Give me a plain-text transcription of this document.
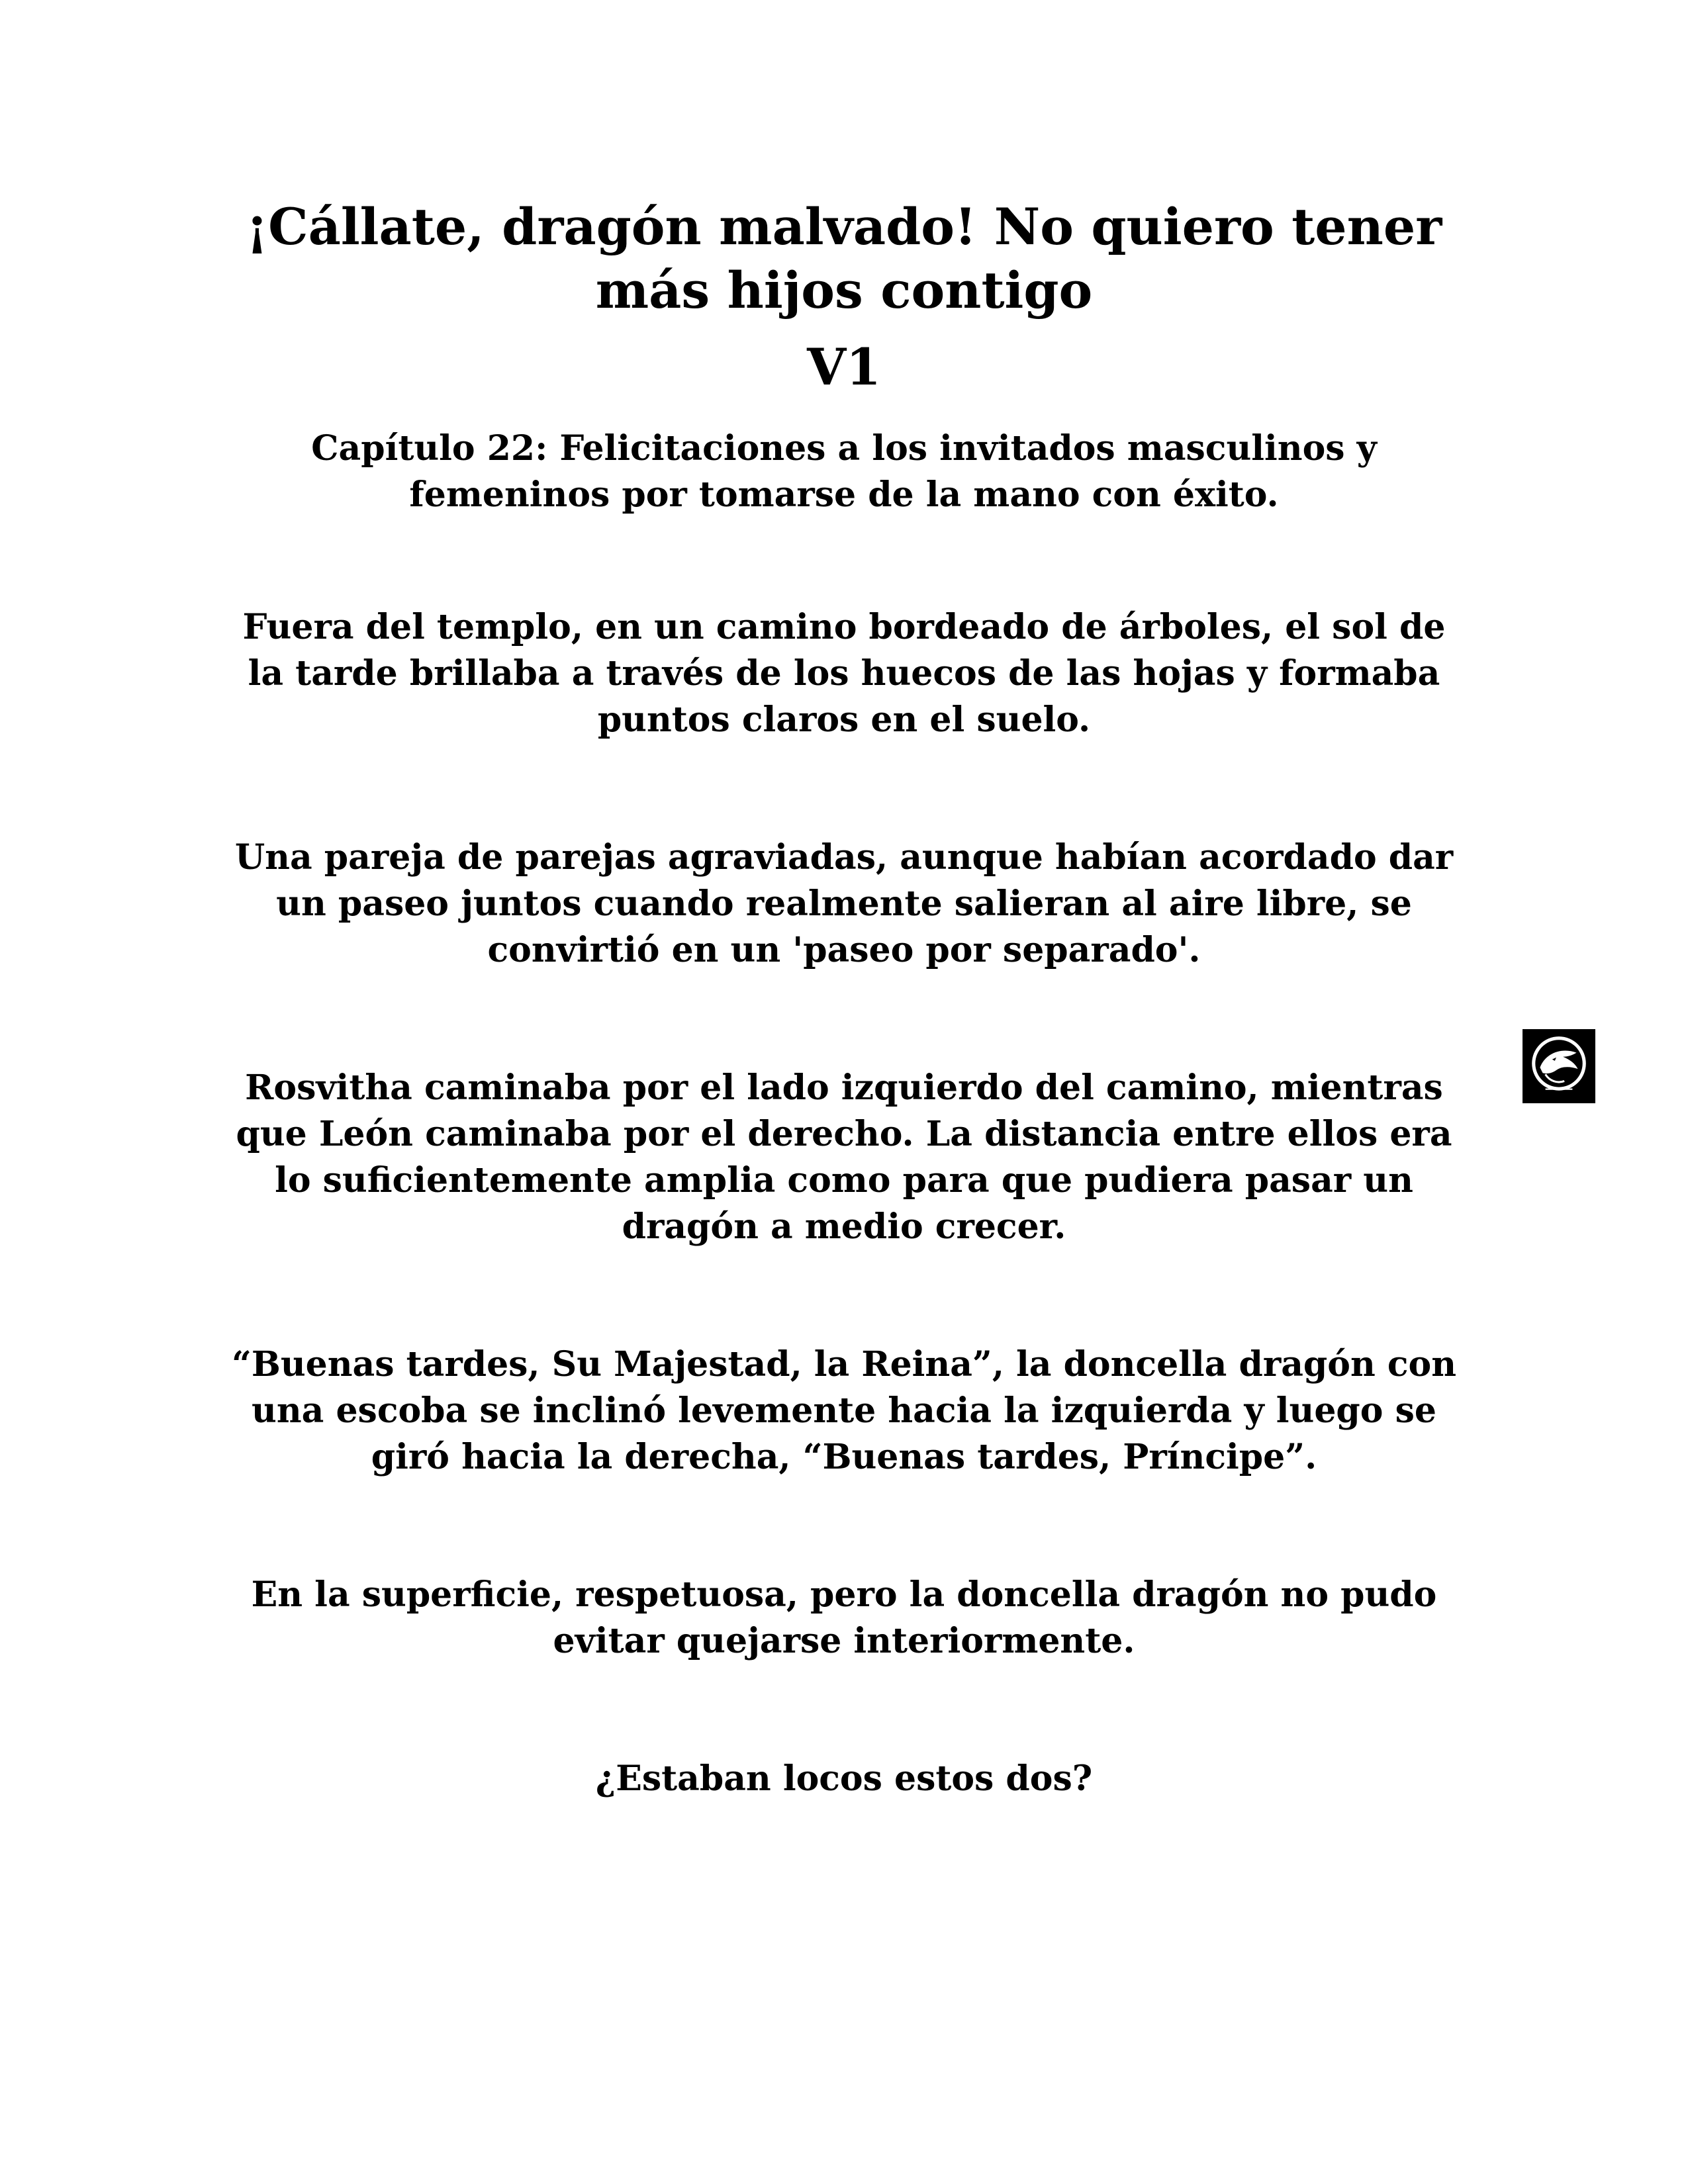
¡Cállate, dragón malvado! No quiero tener más hijos contigo
V1
Capítulo 22: Felicitaciones a los invitados masculinos y femeninos por tomarse de la mano con éxito.

Fuera del templo, en un camino bordeado de árboles, el sol de la tarde brillaba a través de los huecos de las hojas y formaba puntos claros en el suelo.

Una pareja de parejas agraviadas, aunque habían acordado dar un paseo juntos cuando realmente salieran al aire libre, se convirtió en un 'paseo por separado'.

Rosvitha caminaba por el lado izquierdo del camino, mientras que León caminaba por el derecho. La distancia entre ellos era lo suficientemente amplia como para que pudiera pasar un dragón a medio crecer.

“Buenas tardes, Su Majestad, la Reina”, la doncella dragón con una escoba se inclinó levemente hacia la izquierda y luego se giró hacia la derecha, “Buenas tardes, Príncipe”.

En la superficie, respetuosa, pero la doncella dragón no pudo evitar quejarse interiormente.

¿Estaban locos estos dos?
